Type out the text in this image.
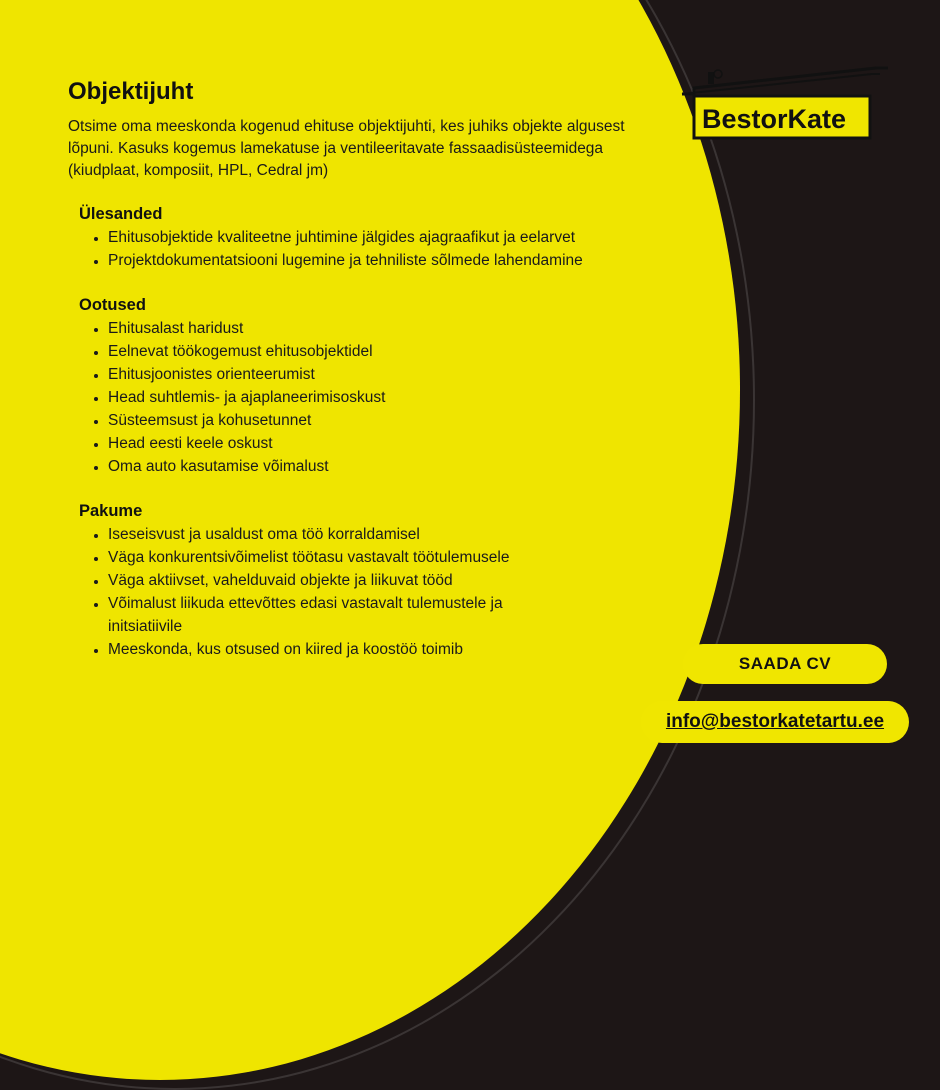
Objektijuht

Otsime oma meeskonda kogenud ehituse objektijuhti, kes juhiks objekte algusest lõpuni. Kasuks kogemus lamekatuse ja ventileeritavate fassaadisüsteemidega (kiudplaat, komposiit, HPL, Cedral jm)

Ülesanded
• Ehitusobjektide kvaliteetne juhtimine jälgides ajagraafikut ja eelarvet
• Projektdokumentatsiooni lugemine ja tehniliste sõlmede lahendamine
Ootused
• Ehitusalast haridust
• Eelnevat töökogemust ehitusobjektidel
• Ehitusjoonistes orienteerumist
• Head suhtlemis- ja ajaplaneerimisoskust
• Süsteemsust ja kohusetunnet
• Head eesti keele oskust
• Oma auto kasutamise võimalust
Pakume
• Iseseisvust ja usaldust oma töö korraldamisel
• Väga konkurentsivõimelist töötasu vastavalt töötulemusele
• Väga aktiivset, vahelduvaid objekte ja liikuvat tööd
• Võimalust liikuda ettevõttes edasi vastavalt tulemustele ja initsiatiivile
• Meeskonda, kus otsused on kiired ja koostöö toimib
BestorKate
SAADA CV
info@bestorkatetartu.ee
